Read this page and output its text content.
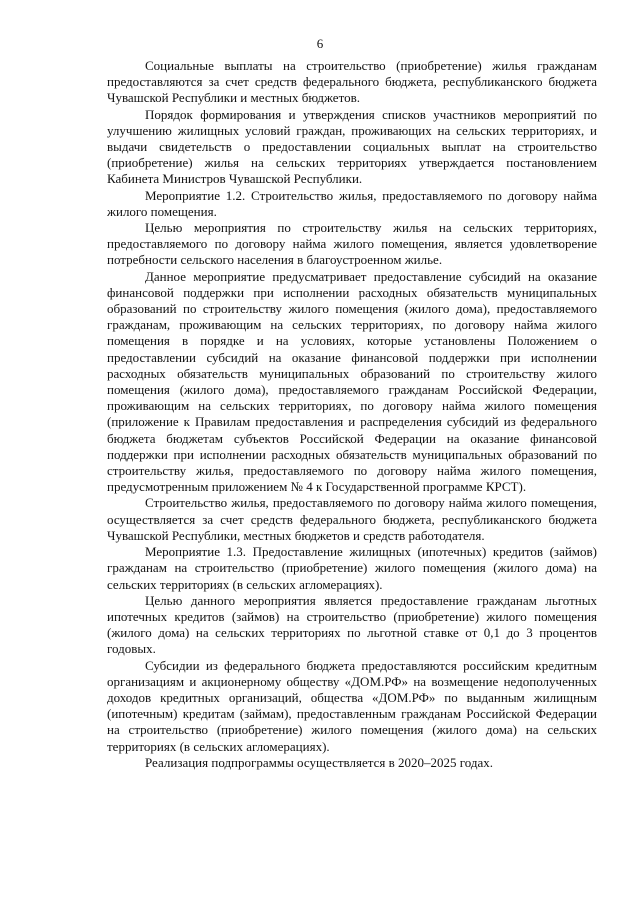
6

Социальные выплаты на строительство (приобретение) жилья гражданам предоставляются за счет средств федерального бюджета, республиканского бюджета Чувашской Республики и местных бюджетов.

Порядок формирования и утверждения списков участников мероприятий по улучшению жилищных условий граждан, проживающих на сельских территориях, и выдачи свидетельств о предоставлении социальных выплат на строительство (приобретение) жилья на сельских территориях утверждается постановлением Кабинета Министров Чувашской Республики.

Мероприятие 1.2. Строительство жилья, предоставляемого по договору найма жилого помещения.

Целью мероприятия по строительству жилья на сельских территориях, предоставляемого по договору найма жилого помещения, является удовлетворение потребности сельского населения в благоустроенном жилье.

Данное мероприятие предусматривает предоставление субсидий на оказание финансовой поддержки при исполнении расходных обязательств муниципальных образований по строительству жилого помещения (жилого дома), предоставляемого гражданам, проживающим на сельских территориях, по договору найма жилого помещения в порядке и на условиях, которые установлены Положением о предоставлении субсидий на оказание финансовой поддержки при исполнении расходных обязательств муниципальных образований по строительству жилого помещения (жилого дома), предоставляемого гражданам Российской Федерации, проживающим на сельских территориях, по договору найма жилого помещения (приложение к Правилам предоставления и распределения субсидий из федерального бюджета бюджетам субъектов Российской Федерации на оказание финансовой поддержки при исполнении расходных обязательств муниципальных образований по строительству жилья, предоставляемого по договору найма жилого помещения, предусмотренным приложением № 4 к Государственной программе КРСТ).

Строительство жилья, предоставляемого по договору найма жилого помещения, осуществляется за счет средств федерального бюджета, республиканского бюджета Чувашской Республики, местных бюджетов и средств работодателя.

Мероприятие 1.3. Предоставление жилищных (ипотечных) кредитов (займов) гражданам на строительство (приобретение) жилого помещения (жилого дома) на сельских территориях (в сельских агломерациях).

Целью данного мероприятия является предоставление гражданам льготных ипотечных кредитов (займов) на строительство (приобретение) жилого помещения (жилого дома) на сельских территориях по льготной ставке от 0,1 до 3 процентов годовых.

Субсидии из федерального бюджета предоставляются российским кредитным организациям и акционерному обществу «ДОМ.РФ» на возмещение недополученных доходов кредитных организаций, общества «ДОМ.РФ» по выданным жилищным (ипотечным) кредитам (займам), предоставленным гражданам Российской Федерации на строительство (приобретение) жилого помещения (жилого дома) на сельских территориях (в сельских агломерациях).

Реализация подпрограммы осуществляется в 2020–2025 годах.
